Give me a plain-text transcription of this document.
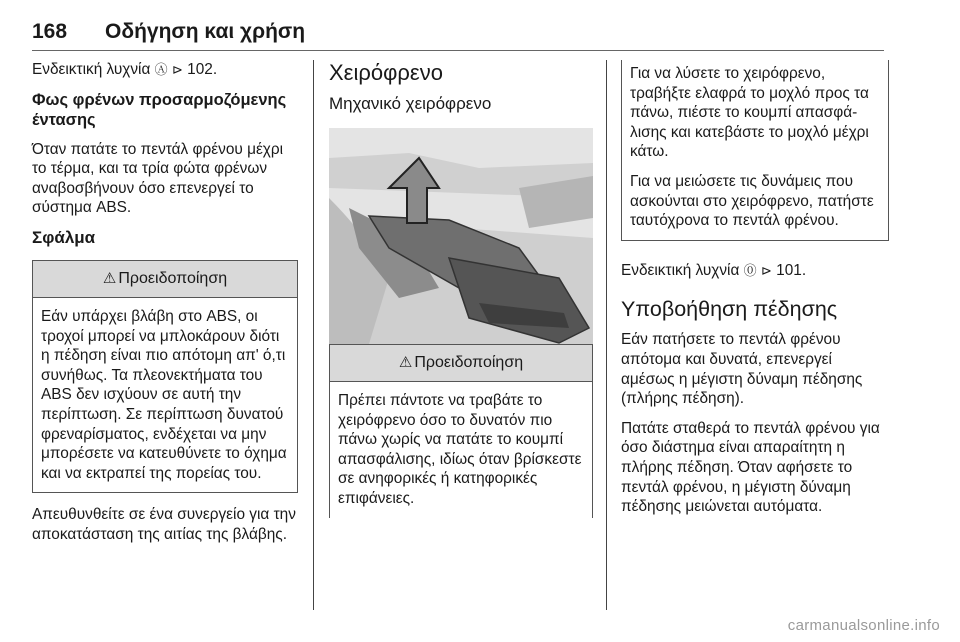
168 Οδήγηση και χρήση

Ενδεικτική λυχνία Ⓐ ⊳ 102.

Φως φρένων προσαρμοζόμενης έντασης

Όταν πατάτε το πεντάλ φρένου μέχρι το τέρμα, και τα τρία φώτα φρένων αναβοσβήνουν όσο επενεργεί το σύστημα ABS.

Σφάλμα
⚠ Προειδοποίηση
Εάν υπάρχει βλάβη στο ABS, οι τροχοί μπορεί να μπλοκάρουν διότι η πέδηση είναι πιο απότομη απ' ό,τι συνήθως. Τα πλεονεκτήματα του ABS δεν ισχύουν σε αυτή την περίπτωση. Σε περίπτωση δυνατού φρεναρίσματος, ενδέχεται να μην μπορέσετε να κατευθύνετε το όχημα και να εκτραπεί της πορείας του.

Απευθυνθείτε σε ένα συνεργείο για την αποκατάσταση της αιτίας της βλάβης.

Χειρόφρενο
Μηχανικό χειρόφρενο
⚠ Προειδοποίηση
Πρέπει πάντοτε να τραβάτε το χειρόφρενο όσο το δυνατόν πιο πάνω χωρίς να πατάτε το κουμπί απασφάλισης, ιδίως όταν βρίσκεστε σε ανηφορικές ή κατηφορικές επιφάνειες.

Για να λύσετε το χειρόφρενο, τραβήξτε ελαφρά το μοχλό προς τα πάνω, πιέστε το κουμπί απασφάλισης και κατεβάστε το μοχλό μέχρι κάτω.

Για να μειώσετε τις δυνάμεις που ασκούνται στο χειρόφρενο, πατήστε ταυτόχρονα το πεντάλ φρένου.

Ενδεικτική λυχνία ⓪ ⊳ 101.

Υποβοήθηση πέδησης

Εάν πατήσετε το πεντάλ φρένου απότομα και δυνατά, επενεργεί αμέσως η μέγιστη δύναμη πέδησης (πλήρης πέδηση).

Πατάτε σταθερά το πεντάλ φρένου για όσο διάστημα είναι απαραίτητη η πλήρης πέδηση. Όταν αφήσετε το πεντάλ φρένου, η μέγιστη δύναμη πέδησης μειώνεται αυτόματα.

carmanualsonline.info
